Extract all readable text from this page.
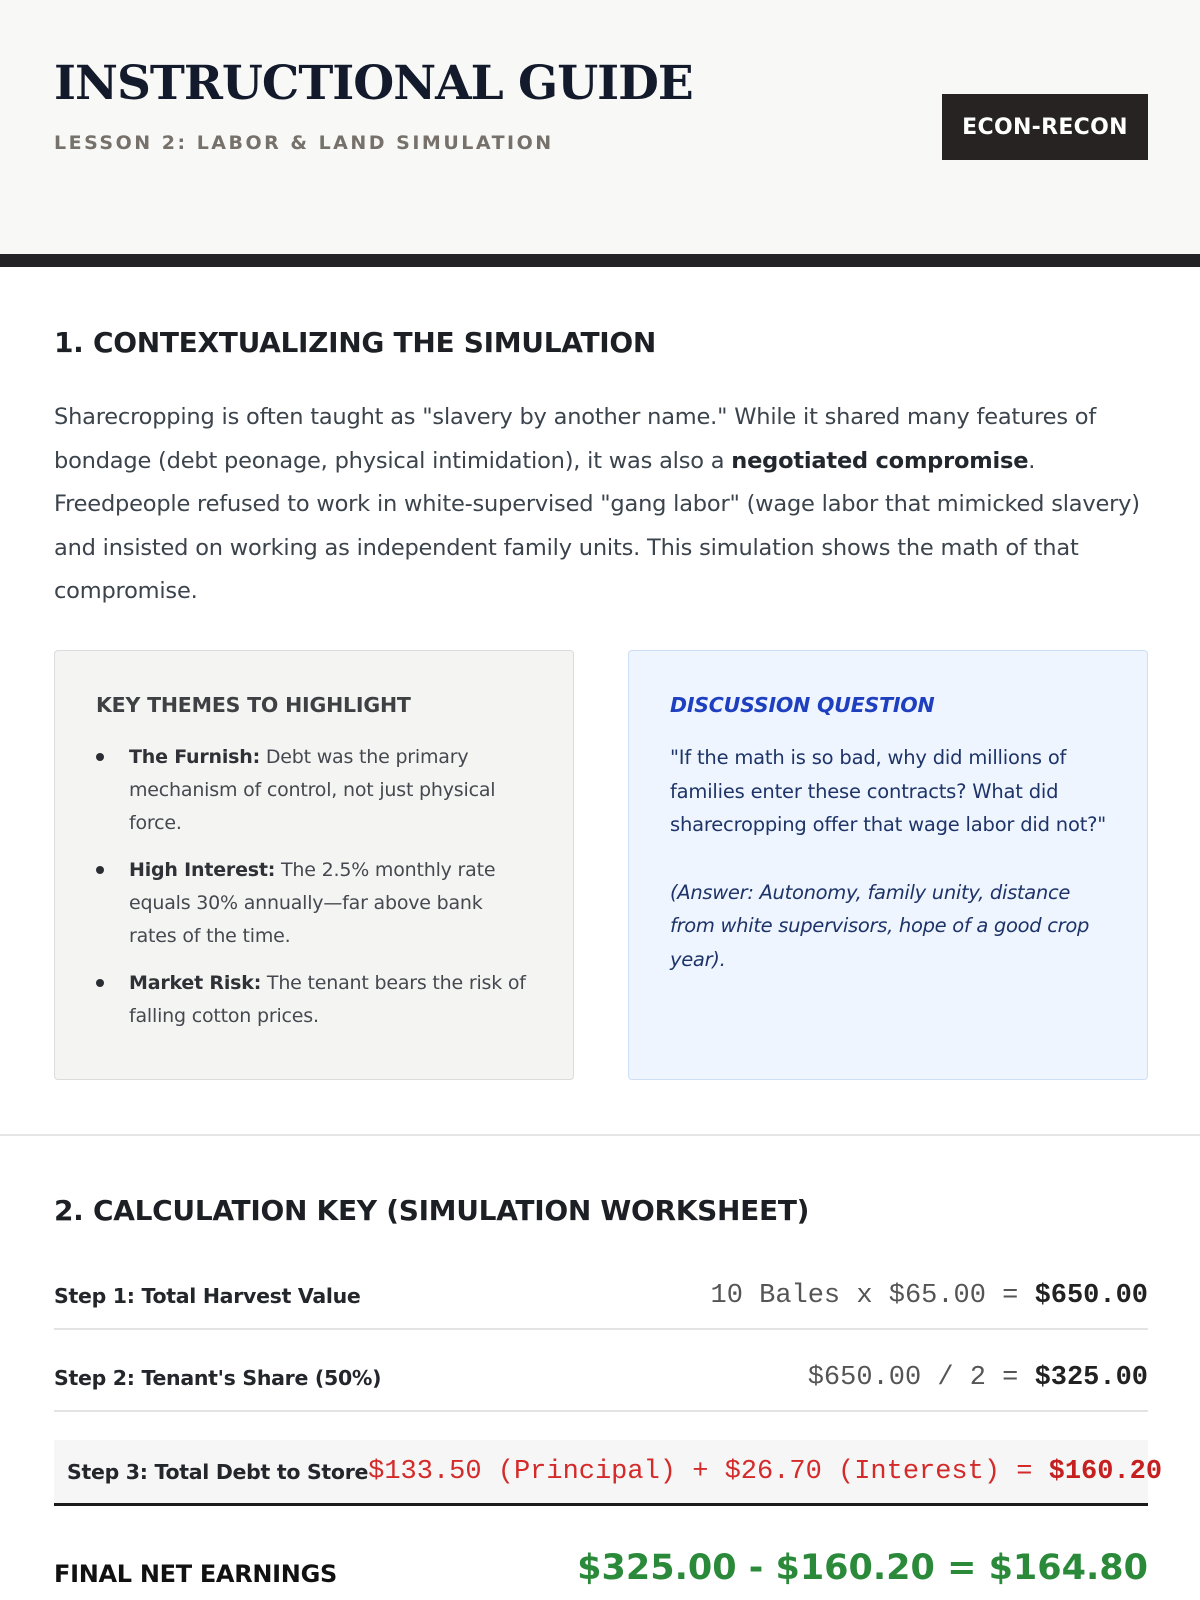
INSTRUCTIONAL GUIDE
LESSON 2: LABOR & LAND SIMULATION
ECON-RECON
1. CONTEXTUALIZING THE SIMULATION

Sharecropping is often taught as "slavery by another name." While it shared many features of bondage (debt peonage, physical intimidation), it was also a negotiated compromise. Freedpeople refused to work in white-supervised "gang labor" (wage labor that mimicked slavery) and insisted on working as independent family units. This simulation shows the math of that compromise.

KEY THEMES TO HIGHLIGHT
The Furnish: Debt was the primary mechanism of control, not just physical force.
High Interest: The 2.5% monthly rate equals 30% annually—far above bank rates of the time.
Market Risk: The tenant bears the risk of falling cotton prices.
DISCUSSION QUESTION

"If the math is so bad, why did millions of families enter these contracts? What did sharecropping offer that wage labor did not?"

(Answer: Autonomy, family unity, distance from white supervisors, hope of a good crop year).

2. CALCULATION KEY (SIMULATION WORKSHEET)
Step 1: Total Harvest Value	10 Bales x $65.00 = $650.00
Step 2: Tenant's Share (50%)	$650.00 / 2 = $325.00
Step 3: Total Debt to Store $133.50 (Principal) + $26.70 (Interest) = $160.20
FINAL NET EARNINGS	$325.00 - $160.20 = $164.80
